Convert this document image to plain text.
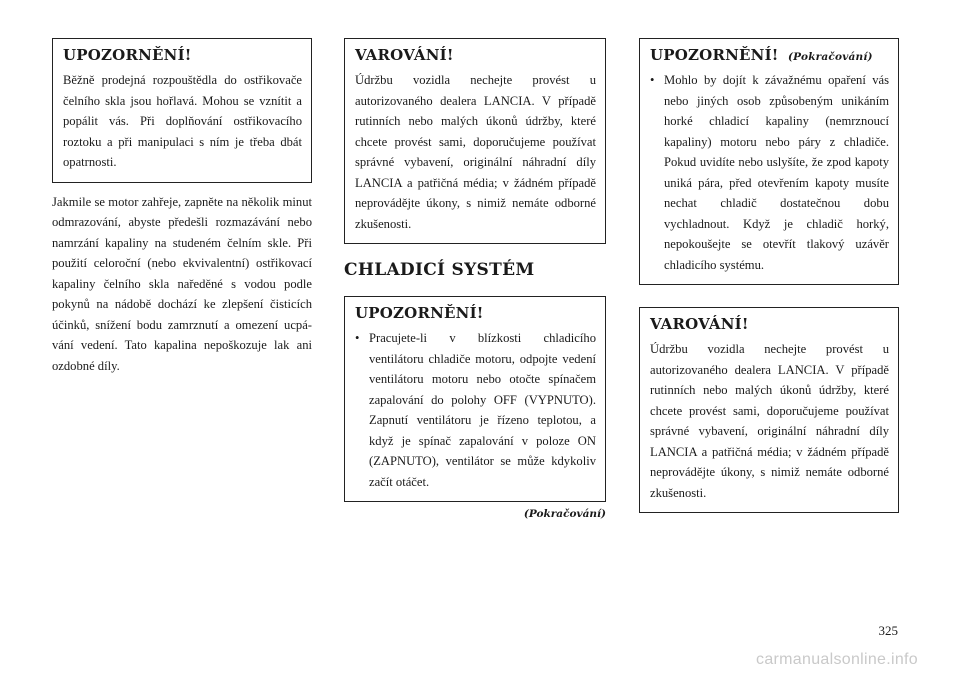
UPOZORNĚNÍ!

Běžně prodejná rozpouštědla do ostřikovače čelního skla jsou hořlavá. Mohou se vznítit a popálit vás. Při doplňování ostřikovacího roztoku a při manipulaci s ním je třeba dbát opatrnosti.

Jakmile se motor zahřeje, zapněte na několik minut odmrazování, abyste předešli rozmazávání nebo namrzání kapaliny na studeném čelním skle. Při použití celoroční (nebo ekvivalentní) ostřikovací kapaliny čelního skla naředěné s vodou podle pokynů na nádobě dochází ke zlepšení čisticích účinků, snížení bodu zamrznutí a omezení ucpávání vedení. Tato kapalina nepoškozuje lak ani ozdobné díly.

VAROVÁNÍ!

Údržbu vozidla nechejte provést u autorizovaného dealera LANCIA. V případě rutinních nebo malých úkonů údržby, které chcete provést sami, doporučujeme používat správné vybavení, originální náhradní díly LANCIA a patřičná média; v žádném případě neprovádějte úkony, s nimiž nemáte odborné zkušenosti.

CHLADICÍ SYSTÉM
UPOZORNĚNÍ!
• Pracujete-li v blízkosti chladicího ventilátoru chladiče motoru, odpojte vedení ventilátoru motoru nebo otočte spínačem zapalování do polohy OFF (VYPNUTO). Zapnutí ventilátoru je řízeno teplotou, a když je spínač zapalování v poloze ON (ZAPNUTO), ventilátor se může kdykoliv začít otáčet.
(Pokračování)
UPOZORNĚNÍ! (Pokračování)
• Mohlo by dojít k závažnému opaření vás nebo jiných osob způsobeným unikáním horké chladicí kapaliny (nemrznoucí kapaliny) motoru nebo páry z chladiče. Pokud uvidíte nebo uslyšíte, že zpod kapoty uniká pára, před otevřením kapoty musíte nechat chladič dostatečnou dobu vychladnout. Když je chladič horký, nepokoušejte se otevřít tlakový uzávěr chladicího systému.
VAROVÁNÍ!

Údržbu vozidla nechejte provést u autorizovaného dealera LANCIA. V případě rutinních nebo malých úkonů údržby, které chcete provést sami, doporučujeme používat správné vybavení, originální náhradní díly LANCIA a patřičná média; v žádném případě neprovádějte úkony, s nimiž nemáte odborné zkušenosti.

325
carmanualsonline.info
